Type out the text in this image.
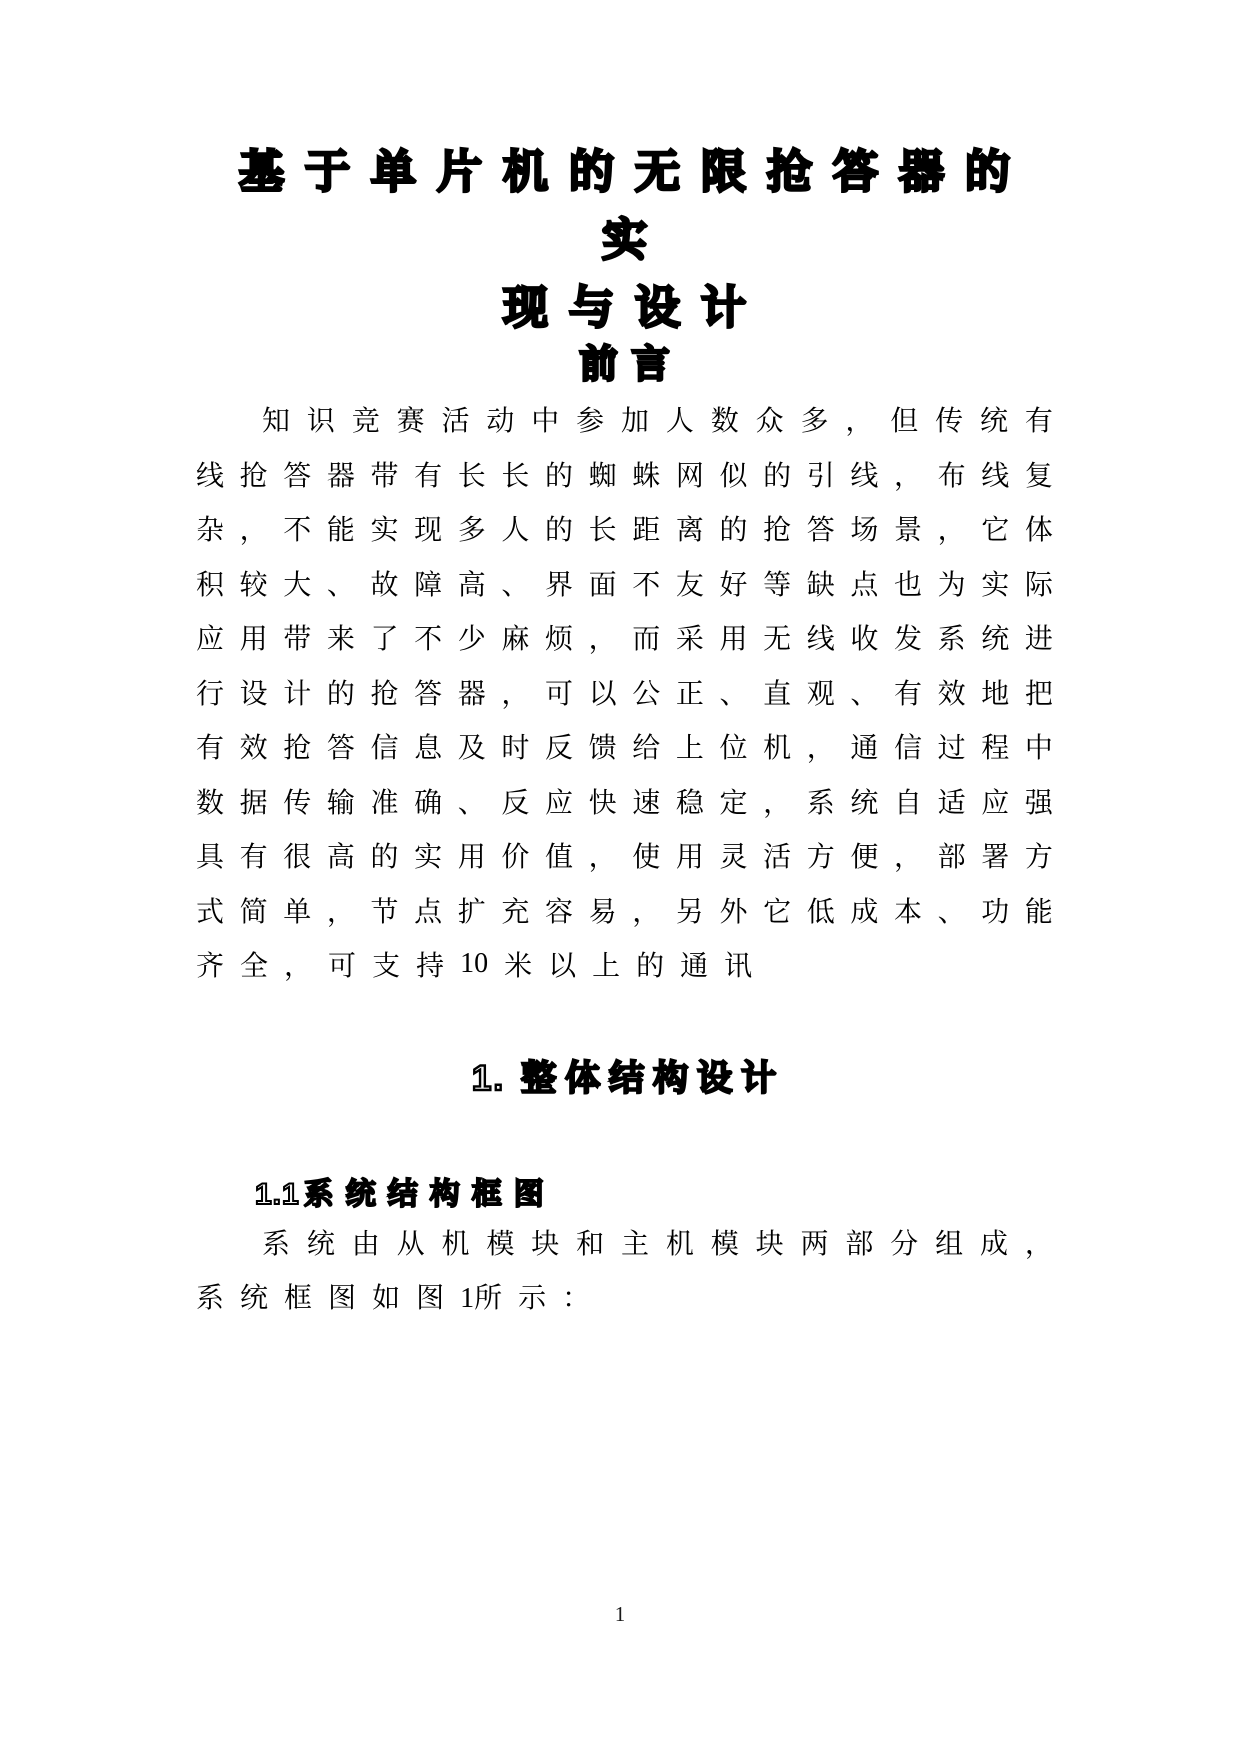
基于单片机的无限抢答器的实
现与设计
前言
知 识 竞 赛 活 动 中 参 加 人 数 众 多 ， 但 传 统 有
线 抢 答 器 带 有 长 长 的 蜘 蛛 网 似 的 引 线 ， 布 线 复
杂 ， 不 能 实 现 多 人 的 长 距 离 的 抢 答 场 景 ， 它 体
积 较 大 、 故 障 高 、 界 面 不 友 好 等 缺 点 也 为 实 际
应 用 带 来 了 不 少 麻 烦 ， 而 采 用 无 线 收 发 系 统 进
行 设 计 的 抢 答 器 ， 可 以 公 正 、 直 观 、 有 效 地 把
有 效 抢 答 信 息 及 时 反 馈 给 上 位 机 ， 通 信 过 程 中
数 据 传 输 准 确 、 反 应 快 速 稳 定 ， 系 统 自 适 应 强
具 有 很 高 的 实 用 价 值 ， 使 用 灵 活 方 便 ， 部 署 方
式 简 单 ， 节 点 扩 充 容 易 ， 另 外 它 低 成 本 、 功 能
齐 全 ， 可 支 持 10 米 以 上 的 通 讯
1. 整体结构设计
1.1 系统结构框图
系 统 由 从 机 模 块 和 主 机 模 块 两 部 分 组 成 ，
系 统 框 图 如 图 1所 示 ：
1
